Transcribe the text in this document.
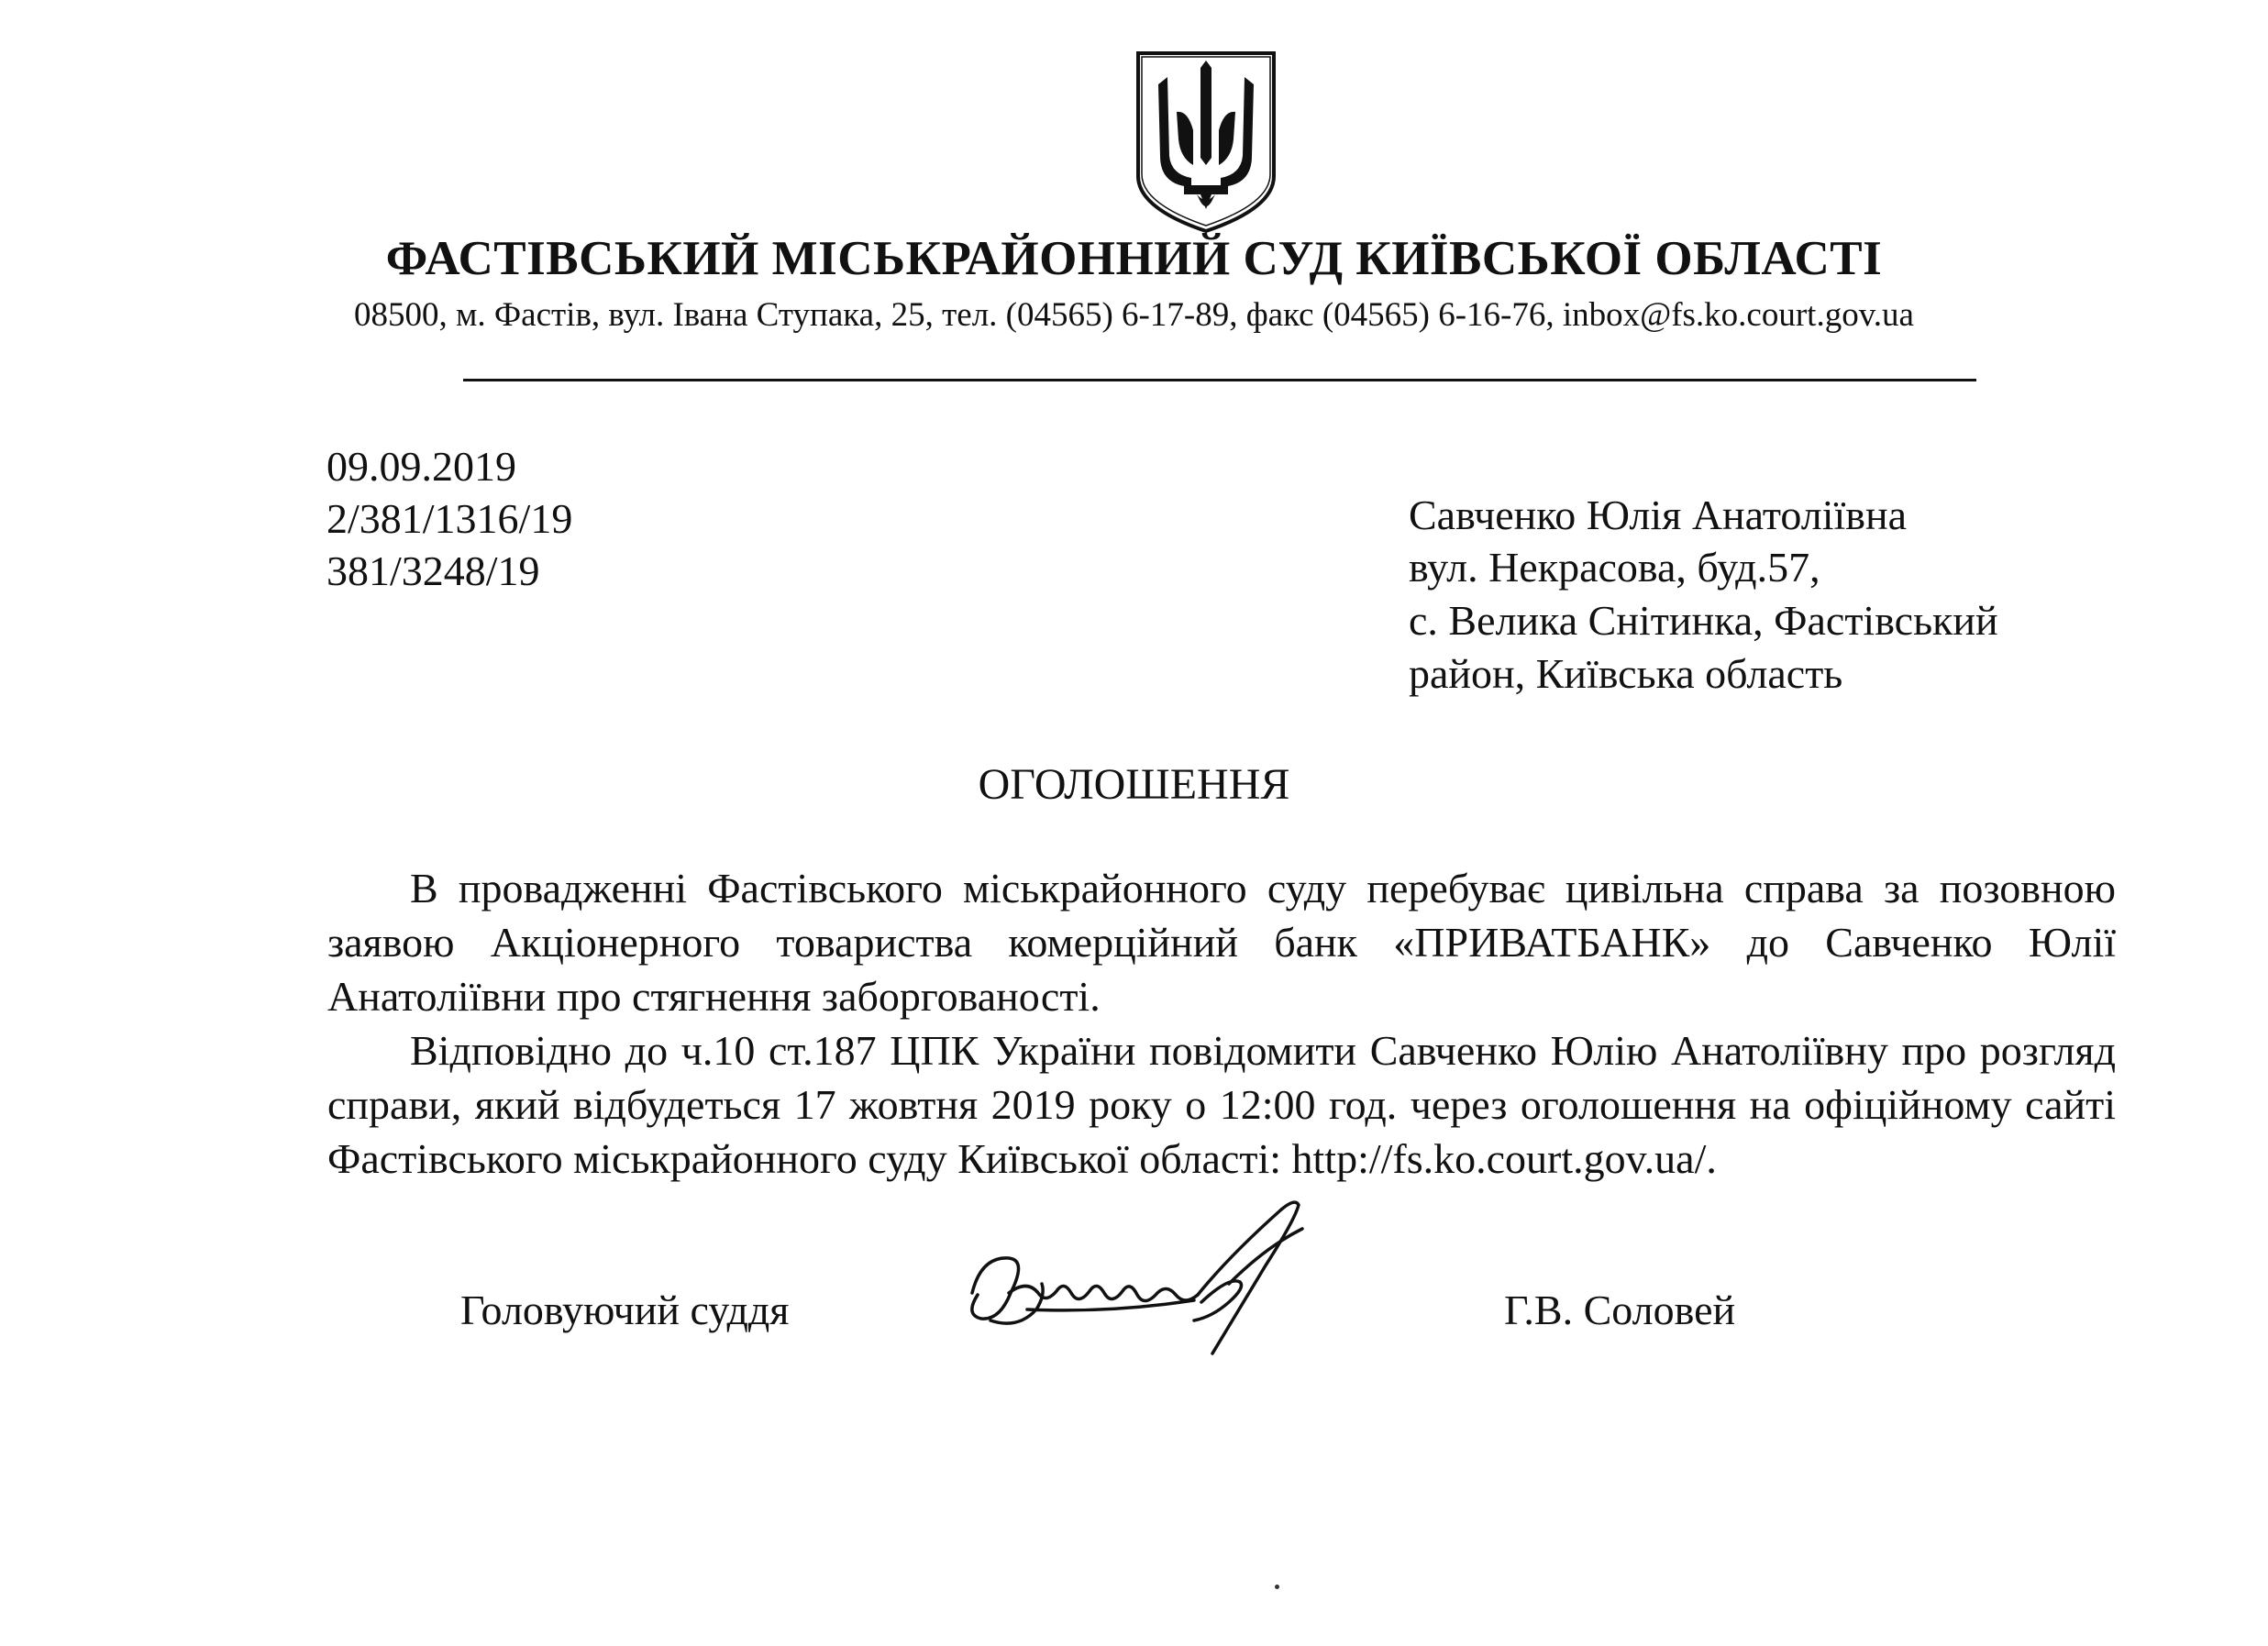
ФАСТІВСЬКИЙ МІСЬКРАЙОННИЙ СУД КИЇВСЬКОЇ ОБЛАСТІ
08500, м. Фастів, вул. Івана Ступака, 25, тел. (04565) 6-17-89, факс (04565) 6-16-76, inbox@fs.ko.court.gov.ua
09.09.2019
2/381/1316/19
381/3248/19
Савченко Юлія Анатоліївна
вул. Некрасова, буд.57,
с. Велика Снітинка, Фастівський
район, Київська область
ОГОЛОШЕННЯ

В провадженні Фастівського міськрайонного суду перебуває цивільна справа за позовною заявою Акціонерного товариства комерційний банк «ПРИВАТБАНК» до Савченко Юлії Анатоліївни про стягнення заборгованості.

Відповідно до ч.10 ст.187 ЦПК України повідомити Савченко Юлію Анатоліївну про розгляд справи, який відбудеться 17 жовтня 2019 року о 12:00 год. через оголошення на офіційному сайті Фастівського міськрайонного суду Київської області: http://fs.ko.court.gov.ua/.

Головуючий суддя	Г.В. Соловей
